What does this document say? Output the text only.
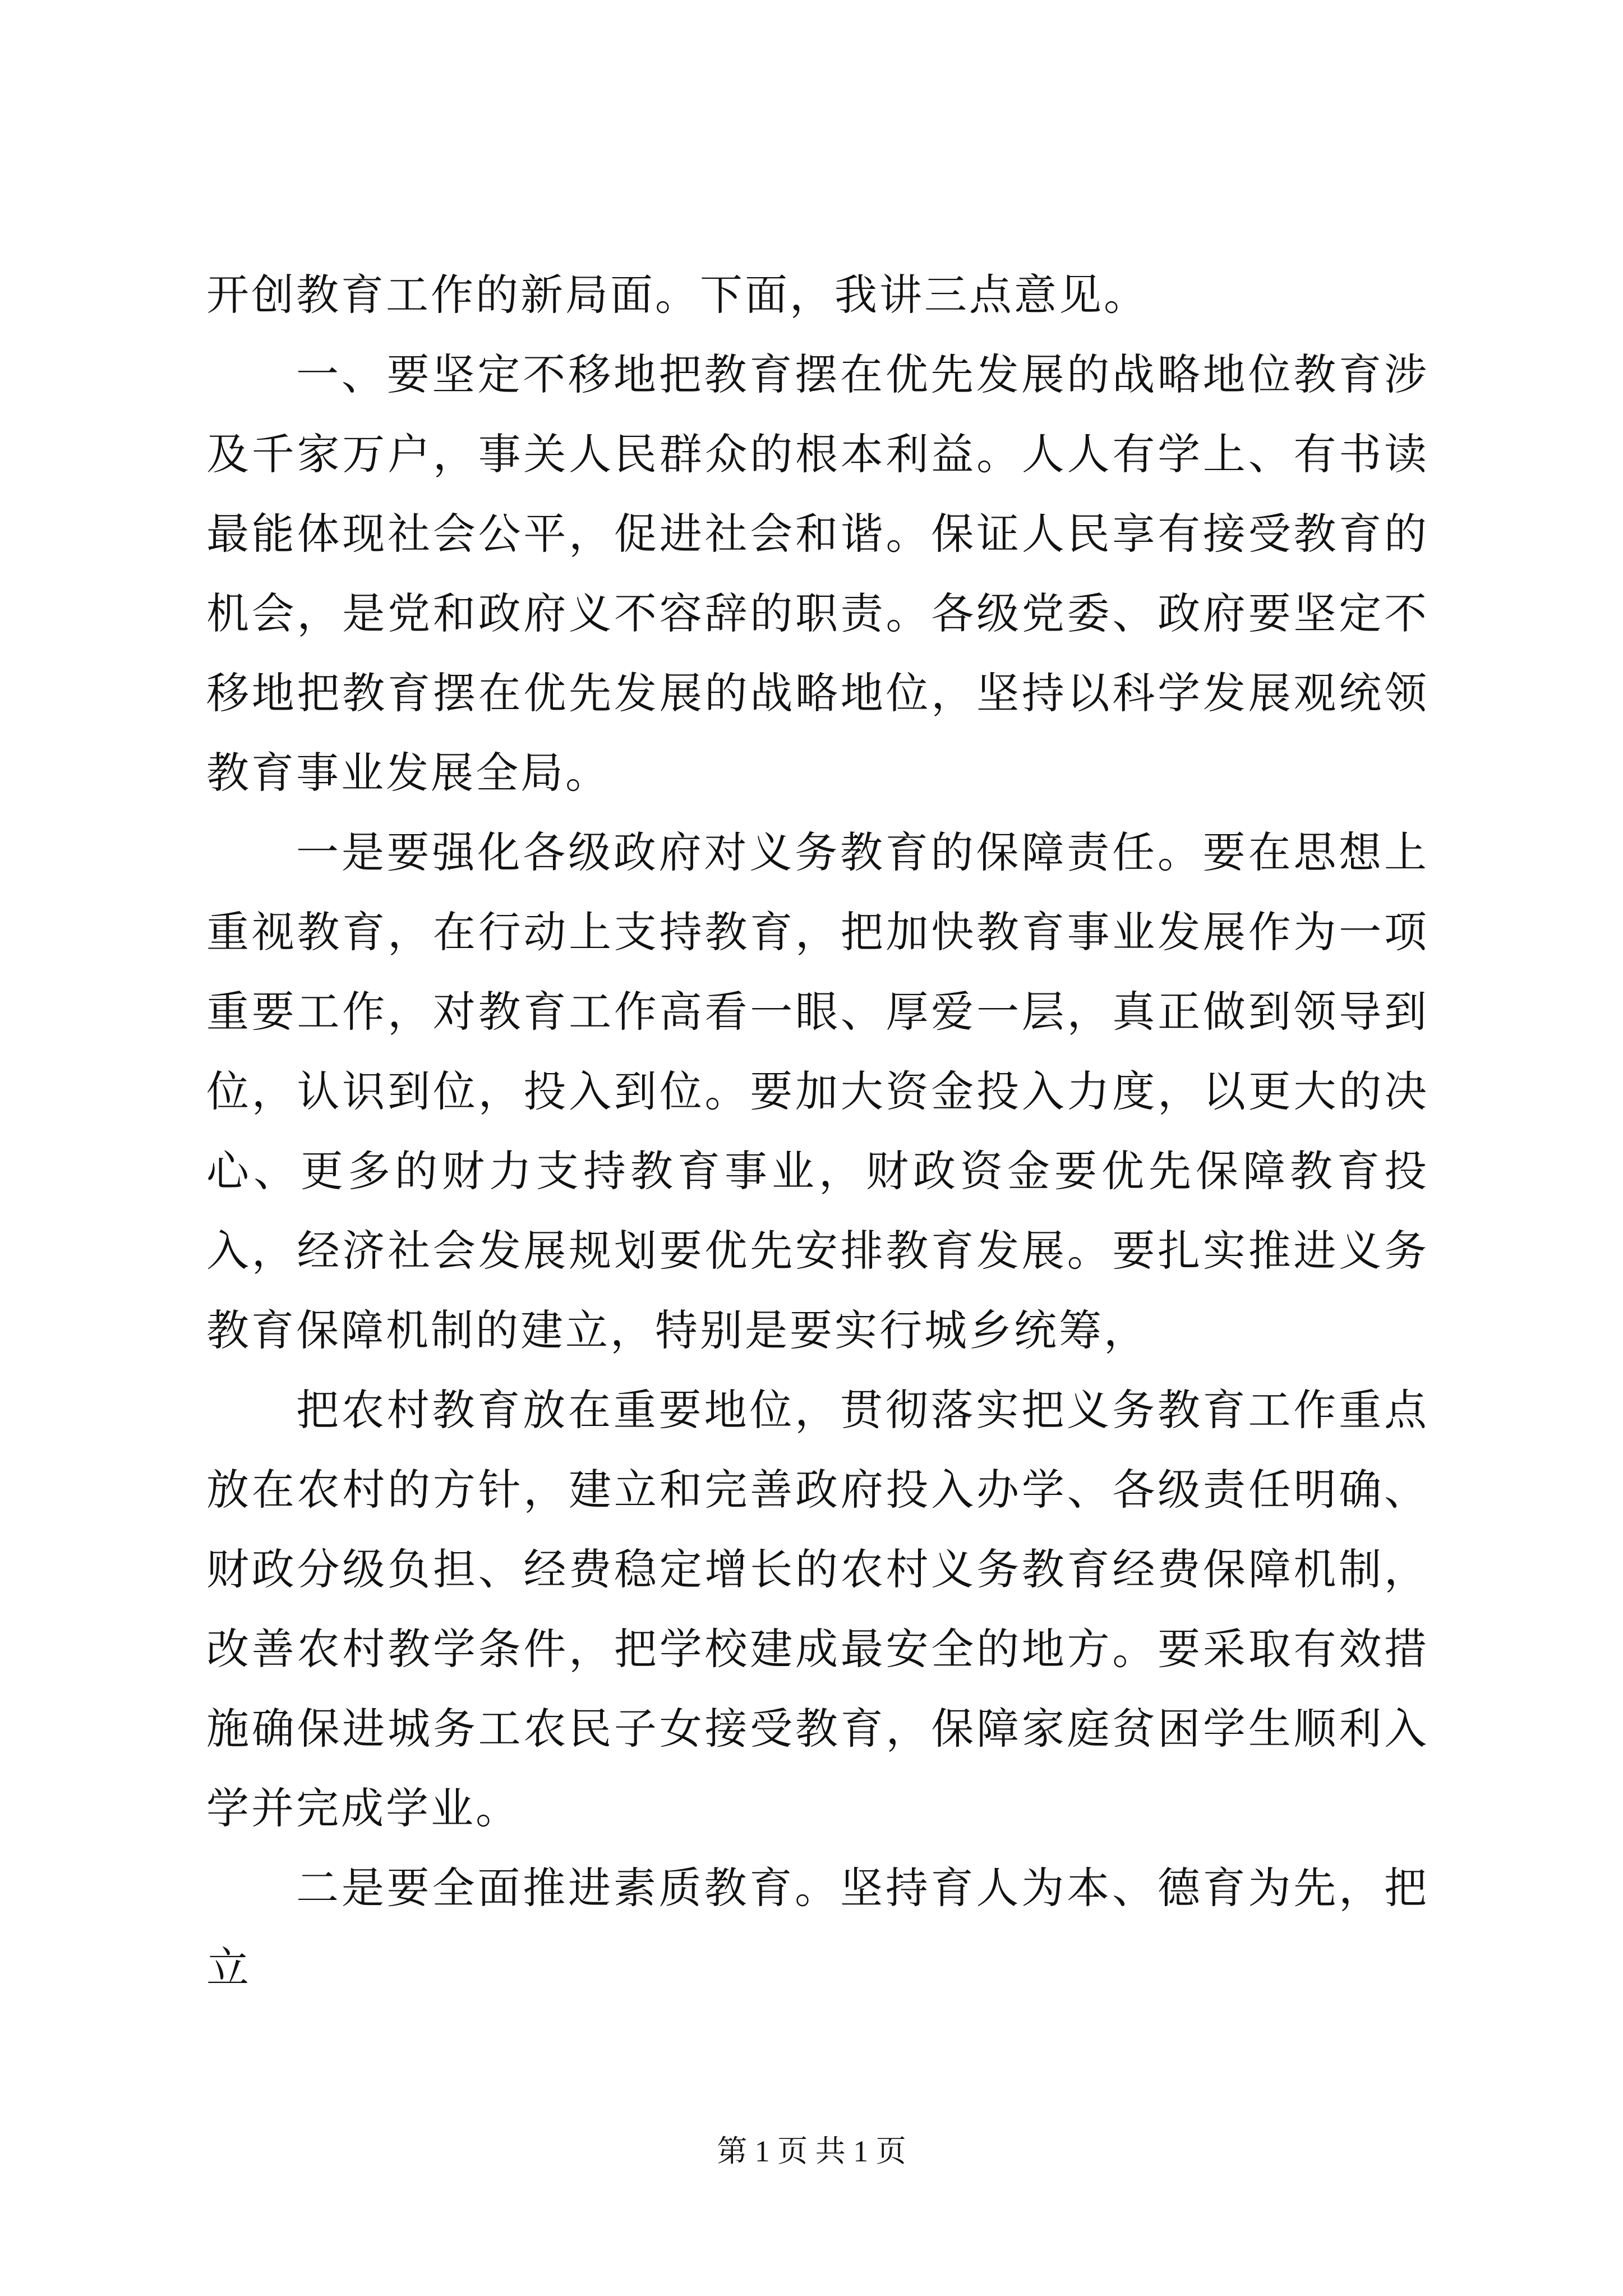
开创教育工作的新局面。下面，我讲三点意见。

一、要坚定不移地把教育摆在优先发展的战略地位教育涉及千家万户，事关人民群众的根本利益。人人有学上、有书读最能体现社会公平，促进社会和谐。保证人民享有接受教育的机会，是党和政府义不容辞的职责。各级党委、政府要坚定不移地把教育摆在优先发展的战略地位，坚持以科学发展观统领教育事业发展全局。

一是要强化各级政府对义务教育的保障责任。要在思想上重视教育，在行动上支持教育，把加快教育事业发展作为一项重要工作，对教育工作高看一眼、厚爱一层，真正做到领导到位，认识到位，投入到位。要加大资金投入力度，以更大的决心、更多的财力支持教育事业，财政资金要优先保障教育投入，经济社会发展规划要优先安排教育发展。要扎实推进义务教育保障机制的建立，特别是要实行城乡统筹，

把农村教育放在重要地位，贯彻落实把义务教育工作重点放在农村的方针，建立和完善政府投入办学、各级责任明确、财政分级负担、经费稳定增长的农村义务教育经费保障机制，改善农村教学条件，把学校建成最安全的地方。要采取有效措施确保进城务工农民子女接受教育，保障家庭贫困学生顺利入学并完成学业。

二是要全面推进素质教育。坚持育人为本、德育为先，把立

第 1 页 共 1 页
